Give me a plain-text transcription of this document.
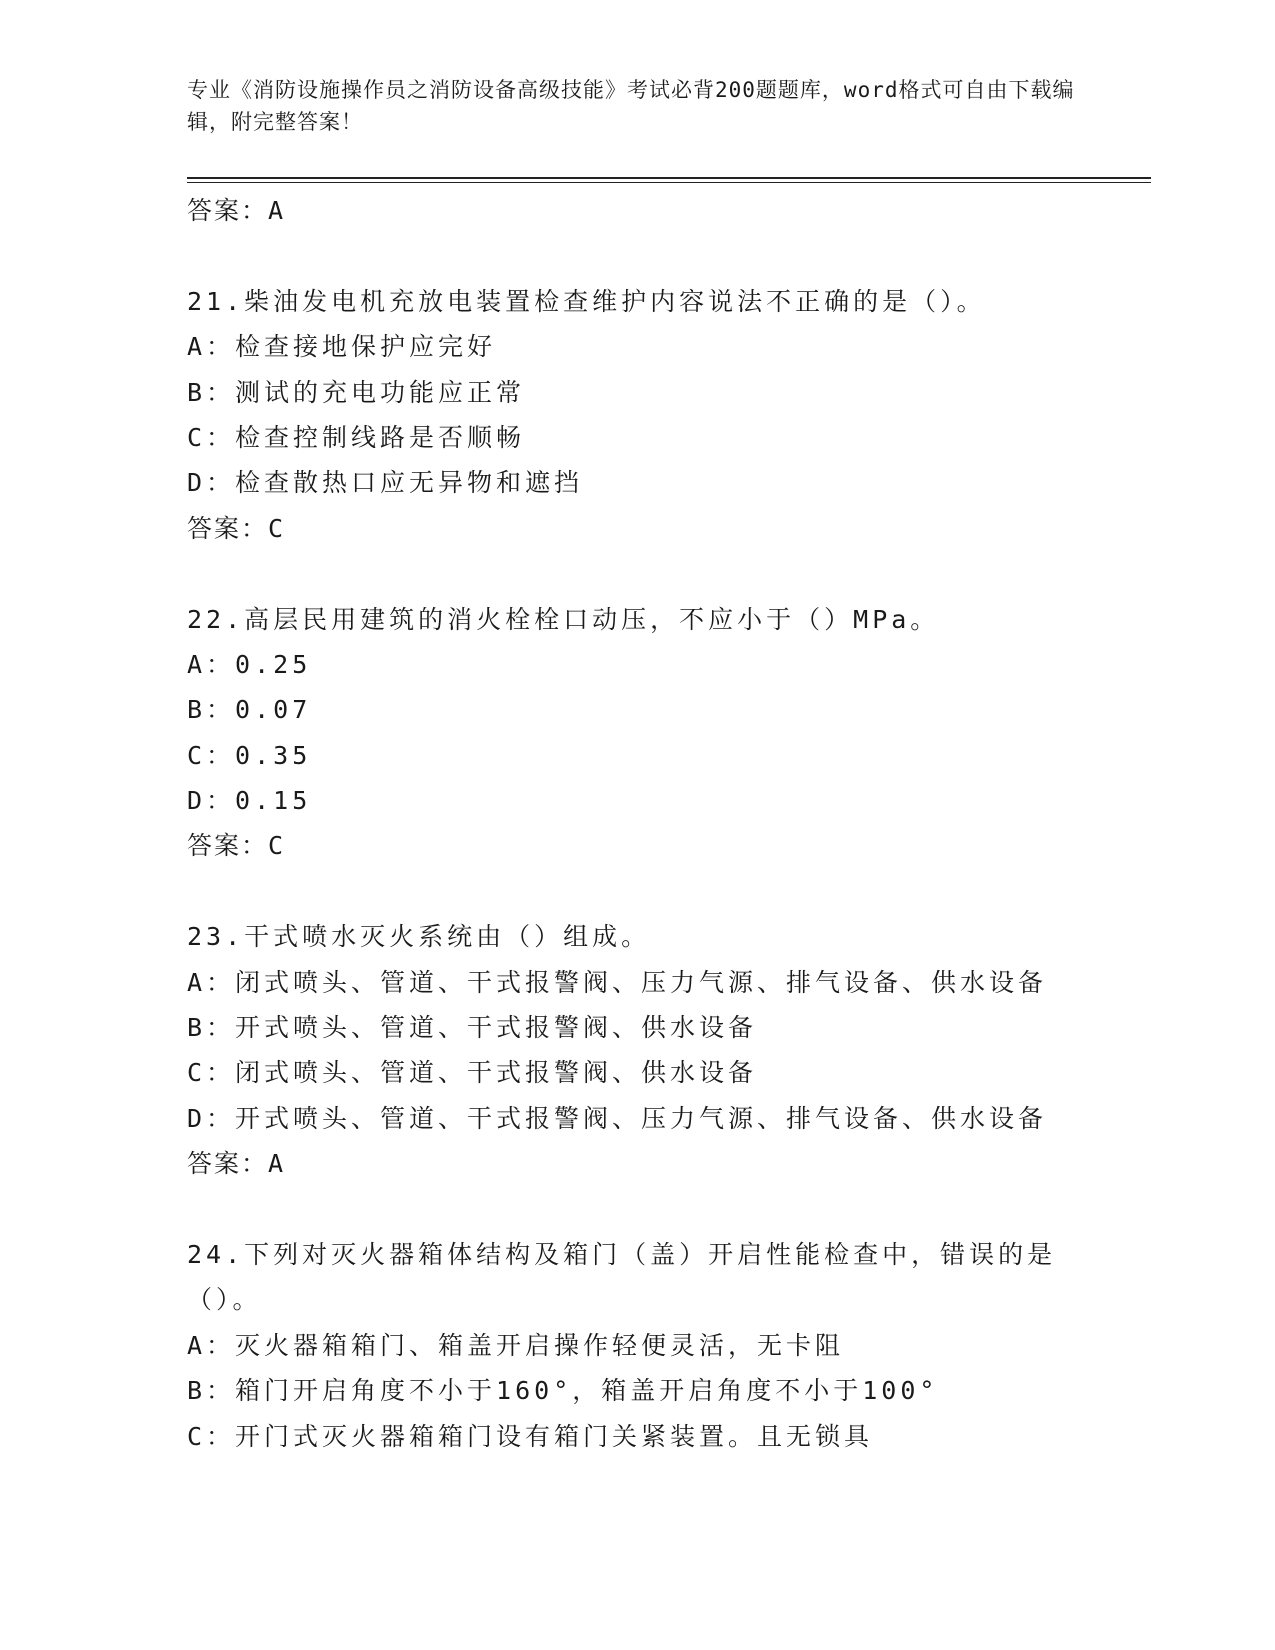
专业《消防设施操作员之消防设备高级技能》考试必背200题题库，word格式可自由下载编辑，附完整答案！
答案：A
21.柴油发电机充放电装置检查维护内容说法不正确的是（）。
A：检查接地保护应完好
B：测试的充电功能应正常
C：检查控制线路是否顺畅
D：检查散热口应无异物和遮挡
答案：C
22.高层民用建筑的消火栓栓口动压，不应小于（）MPa。
A：0.25
B：0.07
C：0.35
D：0.15
答案：C
23.干式喷水灭火系统由（）组成。
A：闭式喷头、管道、干式报警阀、压力气源、排气设备、供水设备
B：开式喷头、管道、干式报警阀、供水设备
C：闭式喷头、管道、干式报警阀、供水设备
D：开式喷头、管道、干式报警阀、压力气源、排气设备、供水设备
答案：A
24.下列对灭火器箱体结构及箱门（盖）开启性能检查中，错误的是（）。
A：灭火器箱箱门、箱盖开启操作轻便灵活，无卡阻
B：箱门开启角度不小于160°，箱盖开启角度不小于100°
C：开门式灭火器箱箱门设有箱门关紧装置。且无锁具
